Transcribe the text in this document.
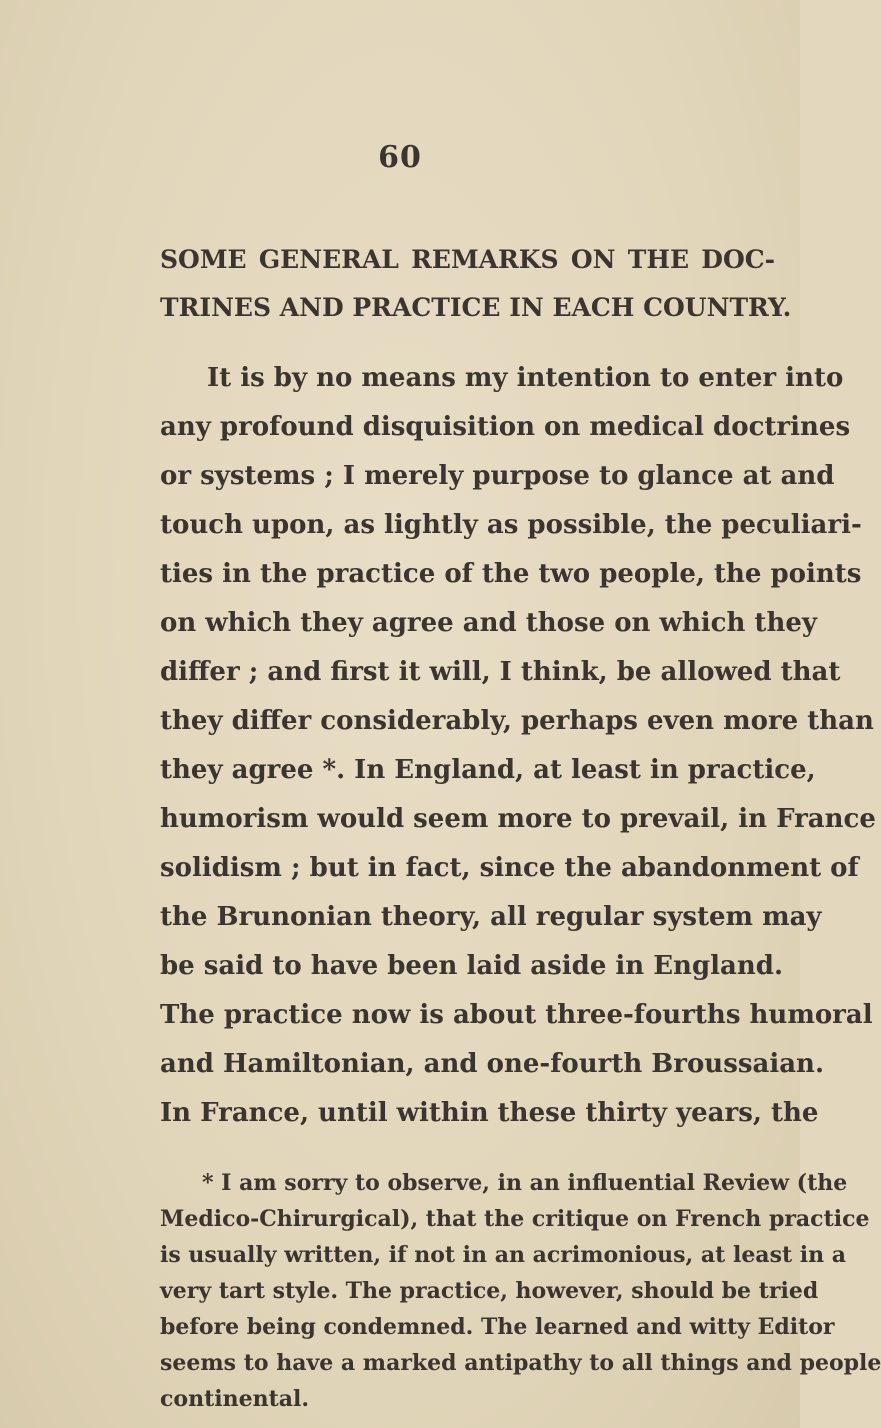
60
SOME GENERAL REMARKS ON THE DOC-
TRINES AND PRACTICE IN EACH COUNTRY.
It is by no means my intention to enter into
any profound disquisition on medical doctrines
or systems ; I merely purpose to glance at and
touch upon, as lightly as possible, the peculiari-
ties in the practice of the two people, the points
on which they agree and those on which they
differ ; and first it will, I think, be allowed that
they differ considerably, perhaps even more than
they agree *. In England, at least in practice,
humorism would seem more to prevail, in France
solidism ; but in fact, since the abandonment of
the Brunonian theory, all regular system may
be said to have been laid aside in England.
The practice now is about three-fourths humoral
and Hamiltonian, and one-fourth Broussaian.
In France, until within these thirty years, the
* I am sorry to observe, in an influential Review (the
Medico-Chirurgical), that the critique on French practice
is usually written, if not in an acrimonious, at least in a
very tart style. The practice, however, should be tried
before being condemned. The learned and witty Editor
seems to have a marked antipathy to all things and people
continental.
